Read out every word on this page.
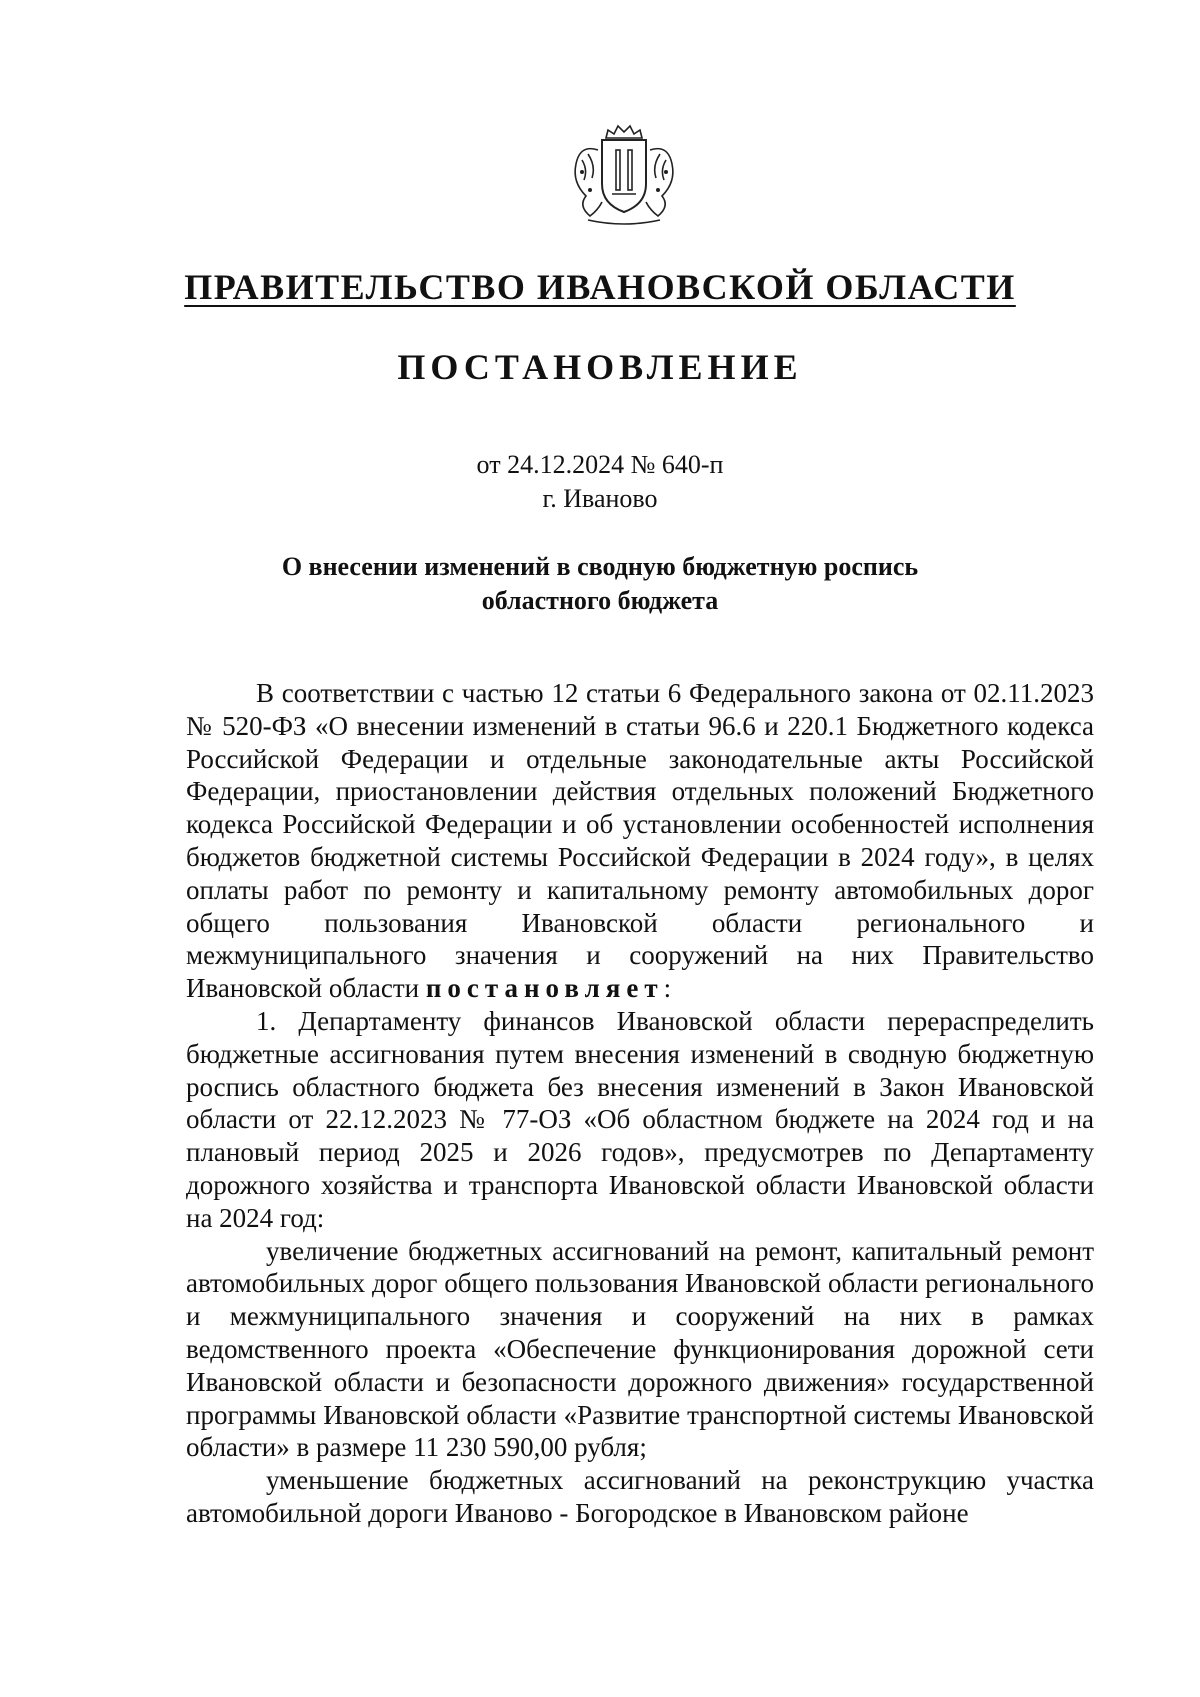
ПРАВИТЕЛЬСТВО ИВАНОВСКОЙ ОБЛАСТИ
ПОСТАНОВЛЕНИЕ
от 24.12.2024 № 640-п
г. Иваново
О внесении изменений в сводную бюджетную роспись
областного бюджета

В соответствии с частью 12 статьи 6 Федерального закона от 02.11.2023 № 520-ФЗ «О внесении изменений в статьи 96.6 и 220.1 Бюджетного кодекса Российской Федерации и отдельные законодательные акты Российской Федерации, приостановлении действия отдельных положений Бюджетного кодекса Российской Федерации и об установлении особенностей исполнения бюджетов бюджетной системы Российской Федерации в 2024 году», в целях оплаты работ по ремонту и капитальному ремонту автомобильных дорог общего пользования Ивановской области регионального и межмуниципального значения и сооружений на них Правительство Ивановской области постановляет:

1. Департаменту финансов Ивановской области перераспределить бюджетные ассигнования путем внесения изменений в сводную бюджетную роспись областного бюджета без внесения изменений в Закон Ивановской области от 22.12.2023 № 77-ОЗ «Об областном бюджете на 2024 год и на плановый период 2025 и 2026 годов», предусмотрев по Департаменту дорожного хозяйства и транспорта Ивановской области Ивановской области на 2024 год:

увеличение бюджетных ассигнований на ремонт, капитальный ремонт автомобильных дорог общего пользования Ивановской области регионального и межмуниципального значения и сооружений на них в рамках ведомственного проекта «Обеспечение функционирования дорожной сети Ивановской области и безопасности дорожного движения» государственной программы Ивановской области «Развитие транспортной системы Ивановской области» в размере 11 230 590,00 рубля;

уменьшение бюджетных ассигнований на реконструкцию участка автомобильной дороги Иваново - Богородское в Ивановском районе
